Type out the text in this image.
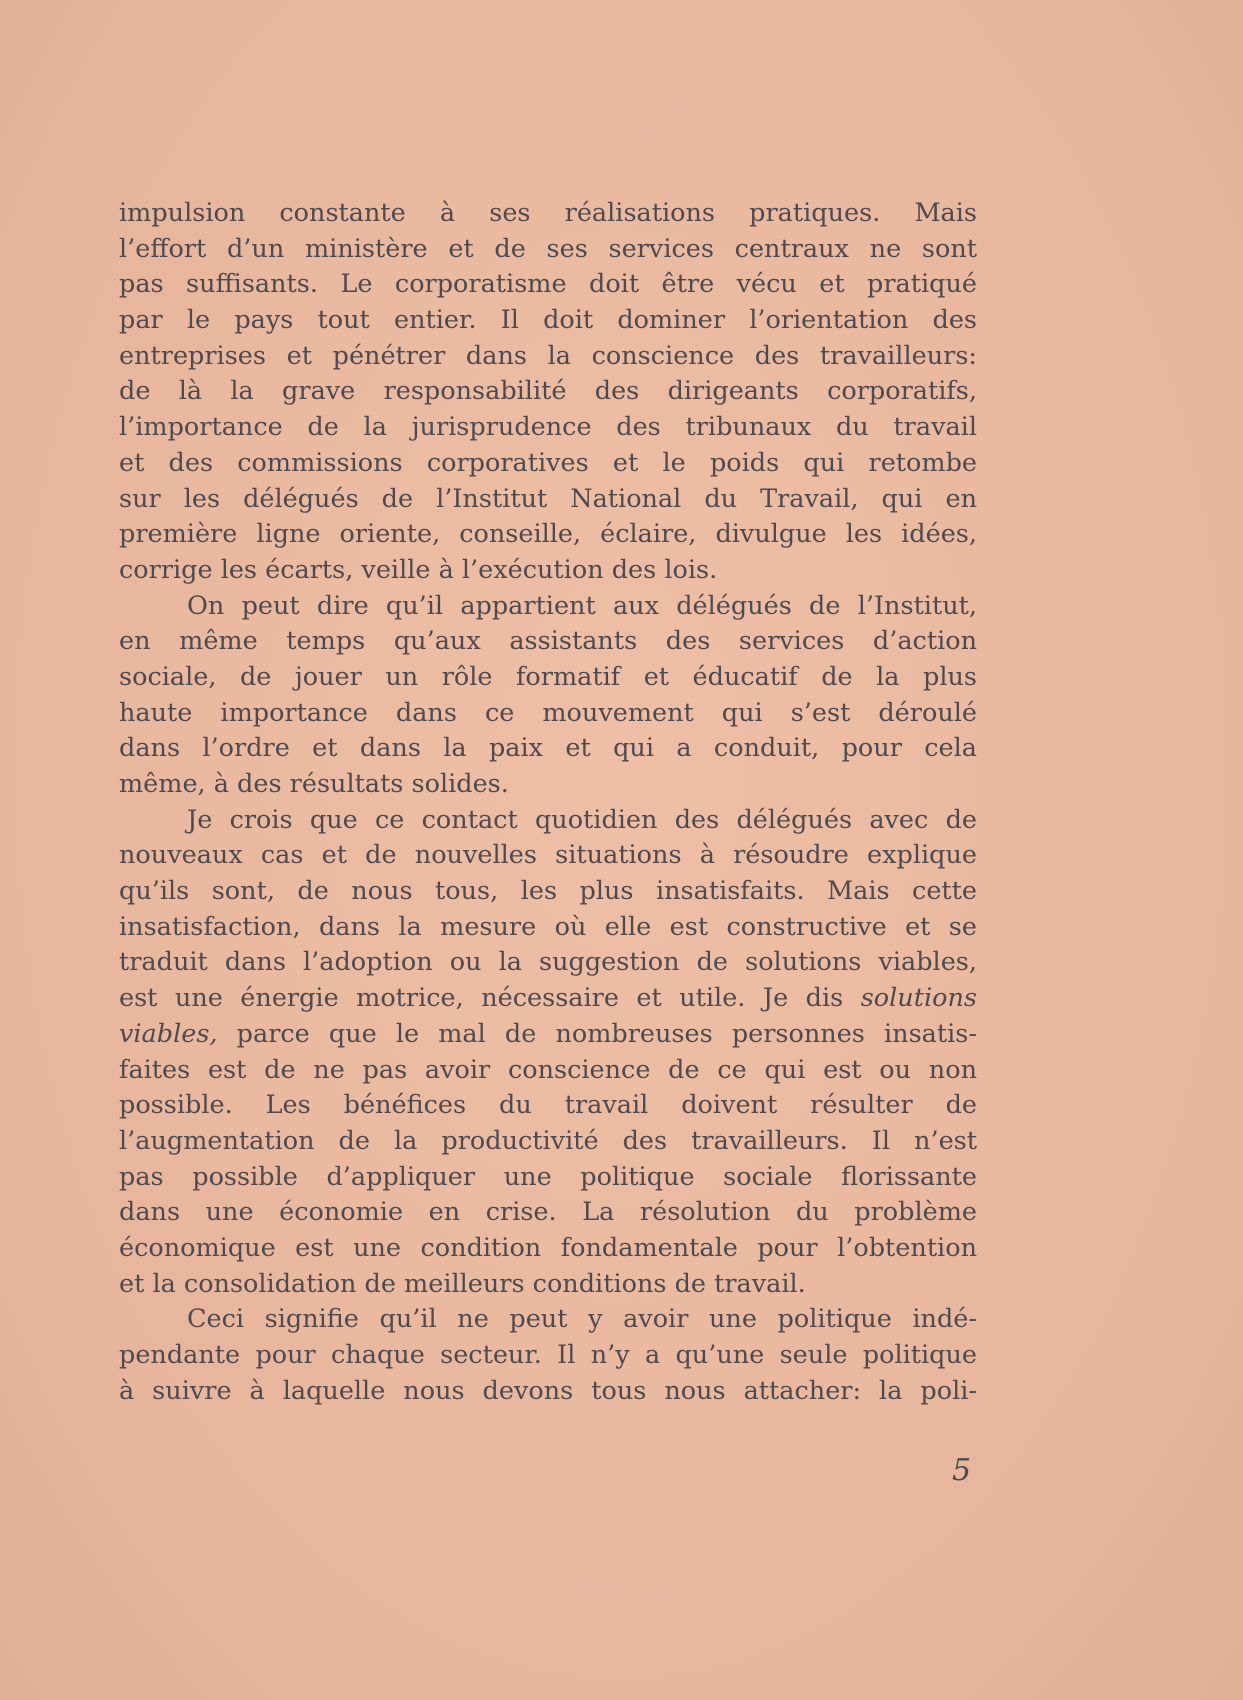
impulsion constante à ses réalisations pratiques. Mais
l’effort d’un ministère et de ses services centraux ne sont
pas suffisants. Le corporatisme doit être vécu et pratiqué
par le pays tout entier. Il doit dominer l’orientation des
entreprises et pénétrer dans la conscience des travailleurs:
de là la grave responsabilité des dirigeants corporatifs,
l’importance de la jurisprudence des tribunaux du travail
et des commissions corporatives et le poids qui retombe
sur les délégués de l’Institut National du Travail, qui en
première ligne oriente, conseille, éclaire, divulgue les idées,
corrige les écarts, veille à l’exécution des lois.
On peut dire qu’il appartient aux délégués de l’Institut,
en même temps qu’aux assistants des services d’action
sociale, de jouer un rôle formatif et éducatif de la plus
haute importance dans ce mouvement qui s’est déroulé
dans l’ordre et dans la paix et qui a conduit, pour cela
même, à des résultats solides.
Je crois que ce contact quotidien des délégués avec de
nouveaux cas et de nouvelles situations à résoudre explique
qu’ils sont, de nous tous, les plus insatisfaits. Mais cette
insatisfaction, dans la mesure où elle est constructive et se
traduit dans l’adoption ou la suggestion de solutions viables,
est une énergie motrice, nécessaire et utile. Je dis solutions
viables, parce que le mal de nombreuses personnes insatis-
faites est de ne pas avoir conscience de ce qui est ou non
possible. Les bénéfices du travail doivent résulter de
l’augmentation de la productivité des travailleurs. Il n’est
pas possible d’appliquer une politique sociale florissante
dans une économie en crise. La résolution du problème
économique est une condition fondamentale pour l’obtention
et la consolidation de meilleurs conditions de travail.
Ceci signifie qu’il ne peut y avoir une politique indé-
pendante pour chaque secteur. Il n’y a qu’une seule politique
à suivre à laquelle nous devons tous nous attacher: la poli-
5
